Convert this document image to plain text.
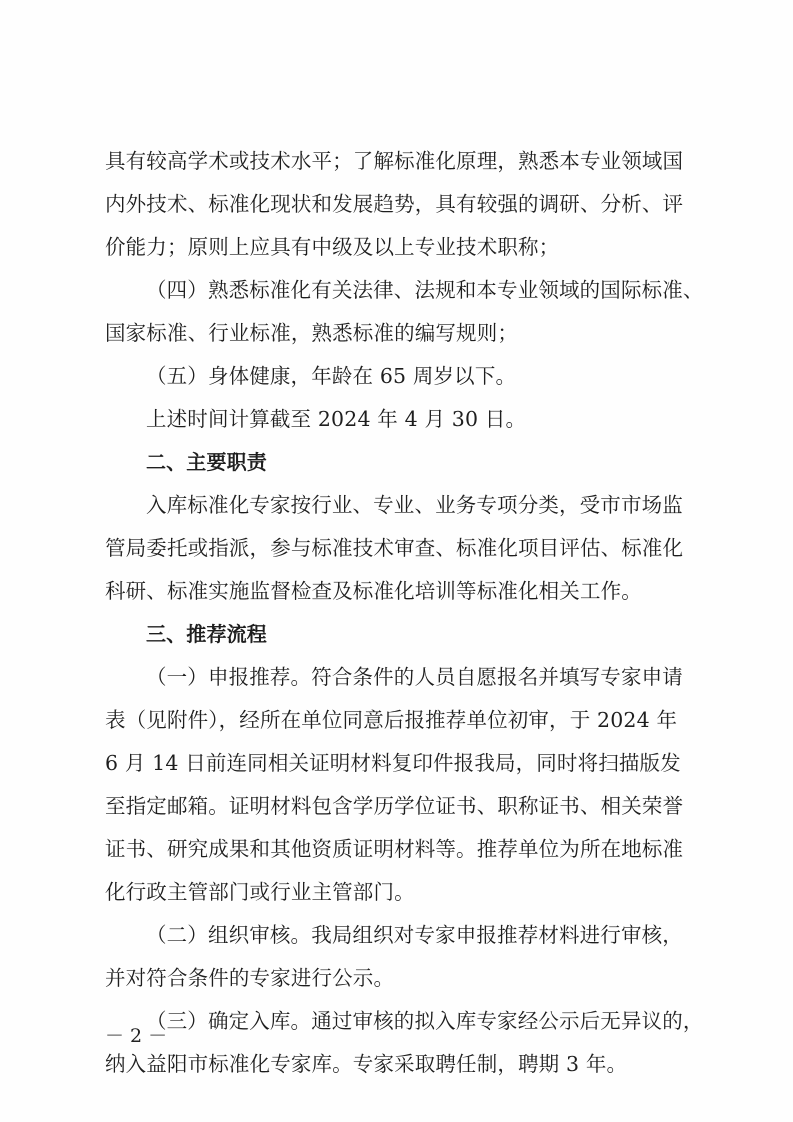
具有较高学术或技术水平；了解标准化原理，熟悉本专业领域国
内外技术、标准化现状和发展趋势，具有较强的调研、分析、评
价能力；原则上应具有中级及以上专业技术职称；
（四）熟悉标准化有关法律、法规和本专业领域的国际标准、
国家标准、行业标准，熟悉标准的编写规则；
（五）身体健康，年龄在 65 周岁以下。
上述时间计算截至 2024 年 4 月 30 日。
二、主要职责
入库标准化专家按行业、专业、业务专项分类，受市市场监
管局委托或指派，参与标准技术审查、标准化项目评估、标准化
科研、标准实施监督检查及标准化培训等标准化相关工作。
三、推荐流程
（一）申报推荐。符合条件的人员自愿报名并填写专家申请
表（见附件），经所在单位同意后报推荐单位初审，于 2024 年
6 月 14 日前连同相关证明材料复印件报我局，同时将扫描版发
至指定邮箱。证明材料包含学历学位证书、职称证书、相关荣誉
证书、研究成果和其他资质证明材料等。推荐单位为所在地标准
化行政主管部门或行业主管部门。
（二）组织审核。我局组织对专家申报推荐材料进行审核，
并对符合条件的专家进行公示。
（三）确定入库。通过审核的拟入库专家经公示后无异议的，
纳入益阳市标准化专家库。专家采取聘任制，聘期 3 年。
－ 2 －
